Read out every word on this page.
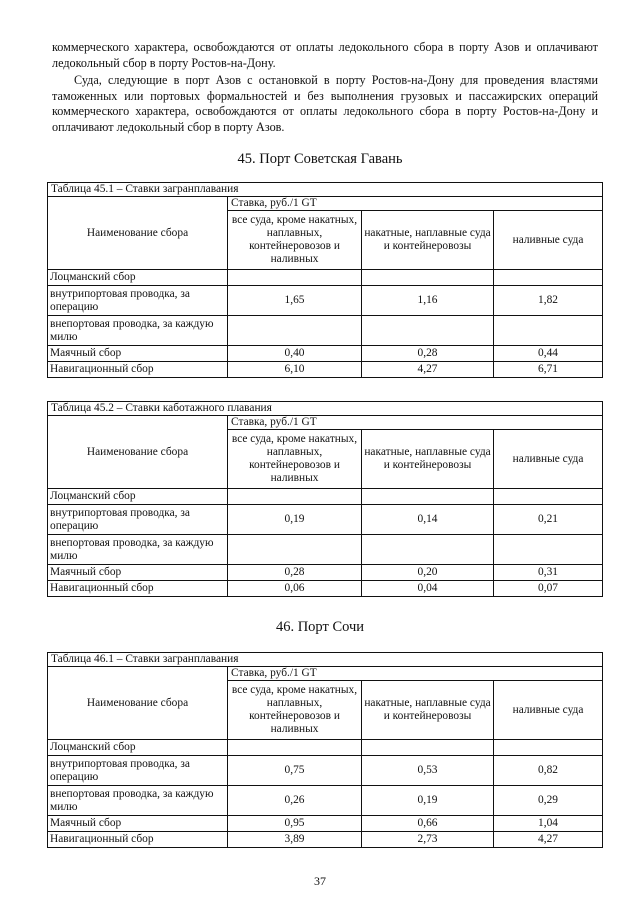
коммерческого характера, освобождаются от оплаты ледокольного сбора в порту Азов и оплачивают ледокольный сбор в порту Ростов-на-Дону.

Суда, следующие в порт Азов с остановкой в порту Ростов-на-Дону для проведения властями таможенных или портовых формальностей и без выполнения грузовых и пассажирских операций коммерческого характера, освобождаются от оплаты ледокольного сбора в порту Ростов-на-Дону и оплачивают ледокольный сбор в порту Азов.

45. Порт Советская Гавань

Таблица 45.1 – Ставки загранплавания			
Наименование сбора	Ставка, руб./1 GT		
	все суда, кроме накатных, наплавных, контейнеровозов и наливных	накатные, наплавные суда и контейнеровозы	наливные суда
Лоцманский сбор			
внутрипортовая проводка, за операцию	1,65	1,16	1,82
внепортовая проводка, за каждую милю			
Маячный сбор	0,40	0,28	0,44
Навигационный сбор	6,10	4,27	6,71
Таблица 45.2 – Ставки каботажного плавания			
Наименование сбора	Ставка, руб./1 GT		
	все суда, кроме накатных, наплавных, контейнеровозов и наливных	накатные, наплавные суда и контейнеровозы	наливные суда
Лоцманский сбор			
внутрипортовая проводка, за операцию	0,19	0,14	0,21
внепортовая проводка, за каждую милю			
Маячный сбор	0,28	0,20	0,31
Навигационный сбор	0,06	0,04	0,07

46. Порт Сочи

Таблица 46.1 – Ставки загранплавания			
Наименование сбора	Ставка, руб./1 GT		
	все суда, кроме накатных, наплавных, контейнеровозов и наливных	накатные, наплавные суда и контейнеровозы	наливные суда
Лоцманский сбор			
внутрипортовая проводка, за операцию	0,75	0,53	0,82
внепортовая проводка, за каждую милю	0,26	0,19	0,29
Маячный сбор	0,95	0,66	1,04
Навигационный сбор	3,89	2,73	4,27

37
